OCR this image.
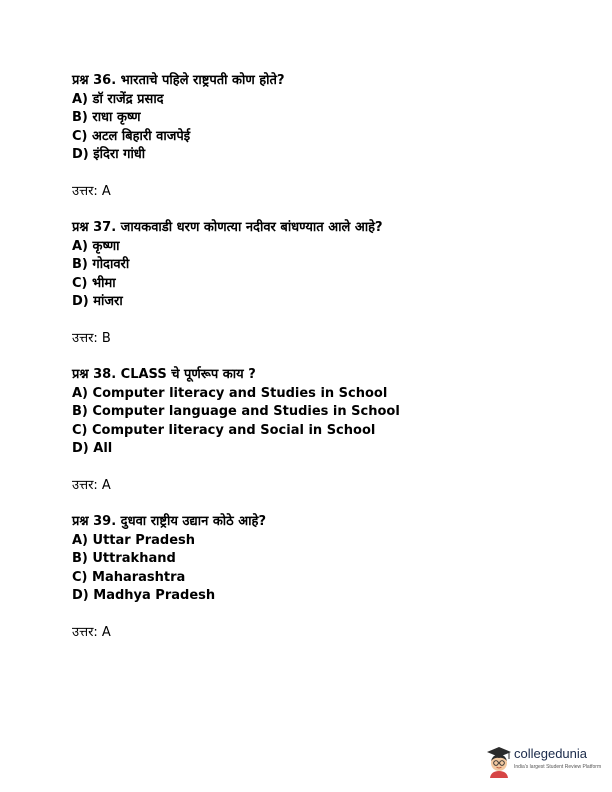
प्रश्न 36. भारताचे पहिले राष्ट्रपती कोण होते?
A) डॉ राजेंद्र प्रसाद
B) राधा कृष्ण
C) अटल बिहारी वाजपेई
D) इंदिरा गांधी
उत्तर: A
प्रश्न 37. जायकवाडी धरण कोणत्या नदीवर बांधण्यात आले आहे?
A) कृष्णा
B) गोदावरी
C) भीमा
D) मांजरा
उत्तर: B
प्रश्न 38. CLASS चे पूर्णरूप काय ?
A) Computer literacy and Studies in School
B) Computer language and Studies in School
C) Computer literacy and Social in School
D) All
उत्तर: A
प्रश्न 39. दुधवा राष्ट्रीय उद्यान कोठे आहे?
A) Uttar Pradesh
B) Uttrakhand
C) Maharashtra
D) Madhya Pradesh
उत्तर: A
collegedunia
India's largest Student Review Platform
